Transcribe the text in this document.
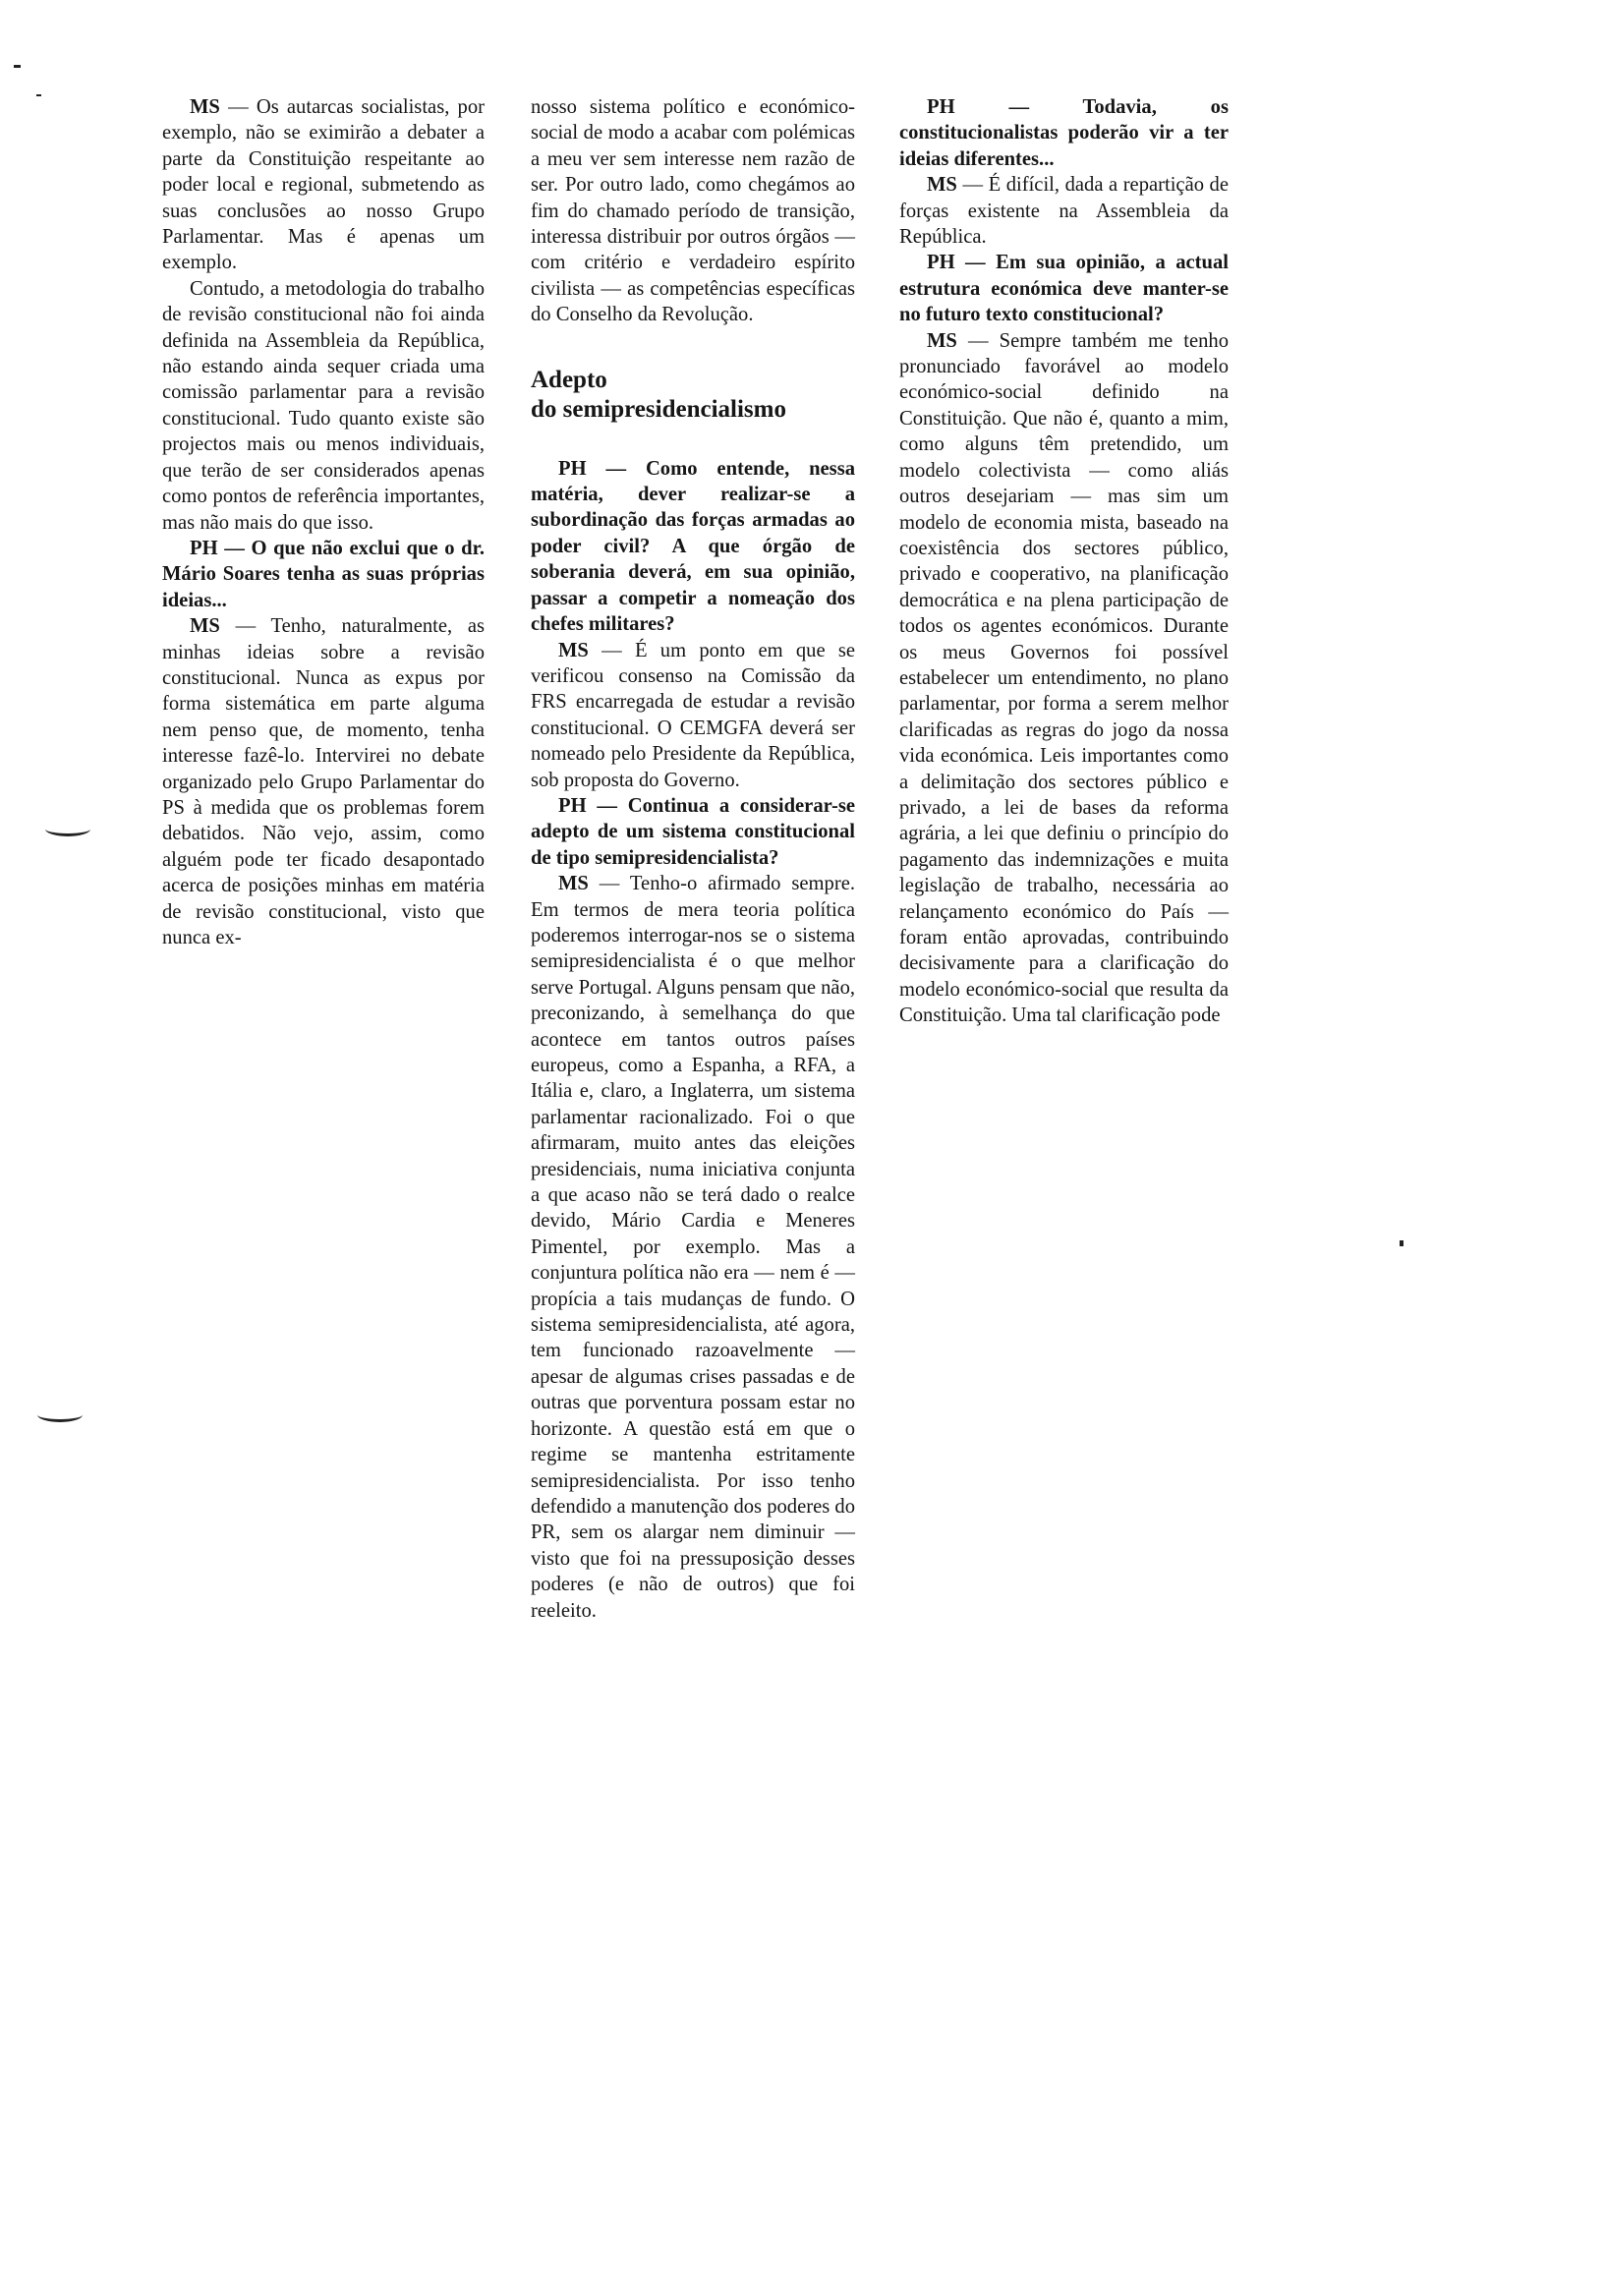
MS — Os autarcas socialistas, por exemplo, não se eximirão a debater a parte da Constituição respeitante ao poder local e regional, submetendo as suas conclusões ao nosso Grupo Parlamentar. Mas é apenas um exemplo.

Contudo, a metodologia do trabalho de revisão constitucional não foi ainda definida na Assembleia da República, não estando ainda sequer criada uma comissão parlamentar para a revisão constitucional. Tudo quanto existe são projectos mais ou menos individuais, que terão de ser considerados apenas como pontos de referência importantes, mas não mais do que isso.

PH — O que não exclui que o dr. Mário Soares tenha as suas próprias ideias...

MS — Tenho, naturalmente, as minhas ideias sobre a revisão constitucional. Nunca as expus por forma sistemática em parte alguma nem penso que, de momento, tenha interesse fazê-lo. Intervirei no debate organizado pelo Grupo Parlamentar do PS à medida que os problemas forem debatidos. Não vejo, assim, como alguém pode ter ficado desapontado acerca de posições minhas em matéria de revisão constitucional, visto que nunca ex-

nosso sistema político e económico-social de modo a acabar com polémicas a meu ver sem interesse nem razão de ser. Por outro lado, como chegámos ao fim do chamado período de transição, interessa distribuir por outros órgãos — com critério e verdadeiro espírito civilista — as competências específicas do Conselho da Revolução.

Adepto
do semipresidencialismo

PH — Como entende, nessa matéria, dever realizar-se a subordinação das forças armadas ao poder civil? A que órgão de soberania deverá, em sua opinião, passar a competir a nomeação dos chefes militares?

MS — É um ponto em que se verificou consenso na Comissão da FRS encarregada de estudar a revisão constitucional. O CEMGFA deverá ser nomeado pelo Presidente da República, sob proposta do Governo.

PH — Continua a considerar-se adepto de um sistema constitucional de tipo semipresidencialista?

MS — Tenho-o afirmado sempre. Em termos de mera teoria política poderemos interrogar-nos se o sistema semipresidencialista é o que melhor serve Portugal. Alguns pensam que não, preconizando, à semelhança do que acontece em tantos outros países europeus, como a Espanha, a RFA, a Itália e, claro, a Inglaterra, um sistema parlamentar racionalizado. Foi o que afirmaram, muito antes das eleições presidenciais, numa iniciativa conjunta a que acaso não se terá dado o realce devido, Mário Cardia e Meneres Pimentel, por exemplo. Mas a conjuntura política não era — nem é — propícia a tais mudanças de fundo. O sistema semipresidencialista, até agora, tem funcionado razoavelmente — apesar de algumas crises passadas e de outras que porventura possam estar no horizonte. A questão está em que o regime se mantenha estritamente semipresidencialista. Por isso tenho defendido a manutenção dos poderes do PR, sem os alargar nem diminuir — visto que foi na pressuposição desses poderes (e não de outros) que foi reeleito.

PH — Todavia, os constitucionalistas poderão vir a ter ideias diferentes...

MS — É difícil, dada a repartição de forças existente na Assembleia da República.

PH — Em sua opinião, a actual estrutura económica deve manter-se no futuro texto constitucional?

MS — Sempre também me tenho pronunciado favorável ao modelo económico-social definido na Constituição. Que não é, quanto a mim, como alguns têm pretendido, um modelo colectivista — como aliás outros desejariam — mas sim um modelo de economia mista, baseado na coexistência dos sectores público, privado e cooperativo, na planificação democrática e na plena participação de todos os agentes económicos. Durante os meus Governos foi possível estabelecer um entendimento, no plano parlamentar, por forma a serem melhor clarificadas as regras do jogo da nossa vida económica. Leis importantes como a delimitação dos sectores público e privado, a lei de bases da reforma agrária, a lei que definiu o princípio do pagamento das indemnizações e muita legislação de trabalho, necessária ao relançamento económico do País — foram então aprovadas, contribuindo decisivamente para a clarificação do modelo económico-social que resulta da Constituição. Uma tal clarificação pode
